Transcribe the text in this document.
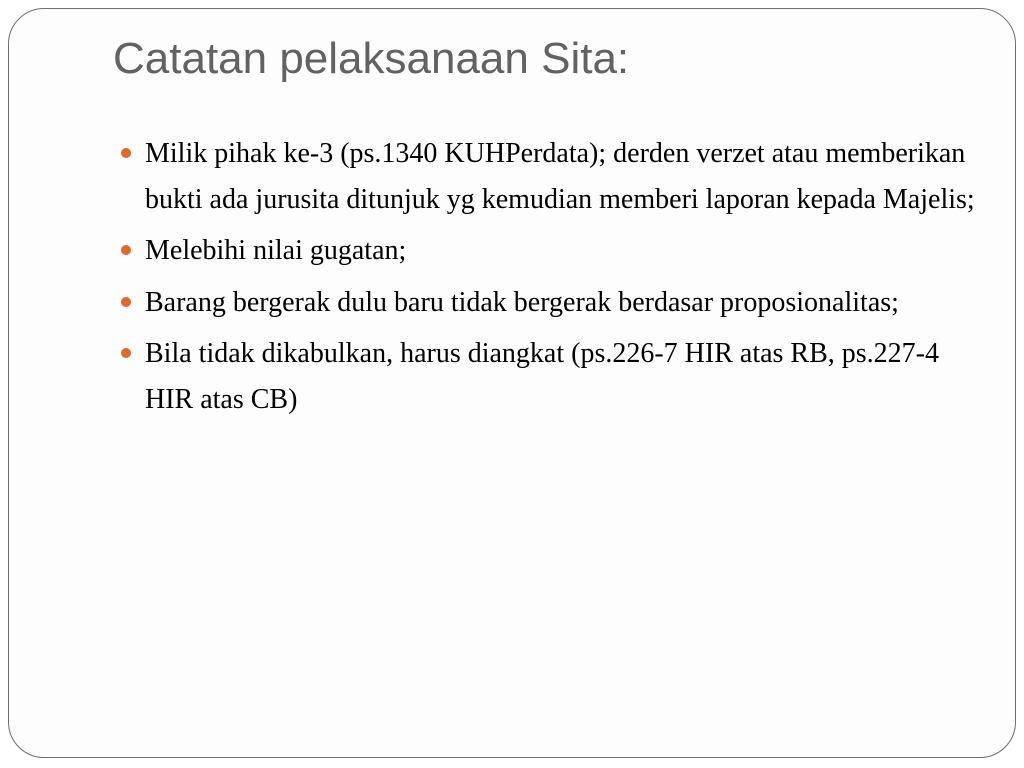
Catatan pelaksanaan Sita:
Milik pihak ke-3 (ps.1340 KUHPerdata); derden verzet atau memberikan bukti ada jurusita ditunjuk yg kemudian memberi laporan kepada Majelis;
Melebihi nilai gugatan;
Barang bergerak dulu baru tidak bergerak berdasar proposionalitas;
Bila tidak dikabulkan, harus diangkat (ps.226-7 HIR atas RB, ps.227-4 HIR atas CB)
